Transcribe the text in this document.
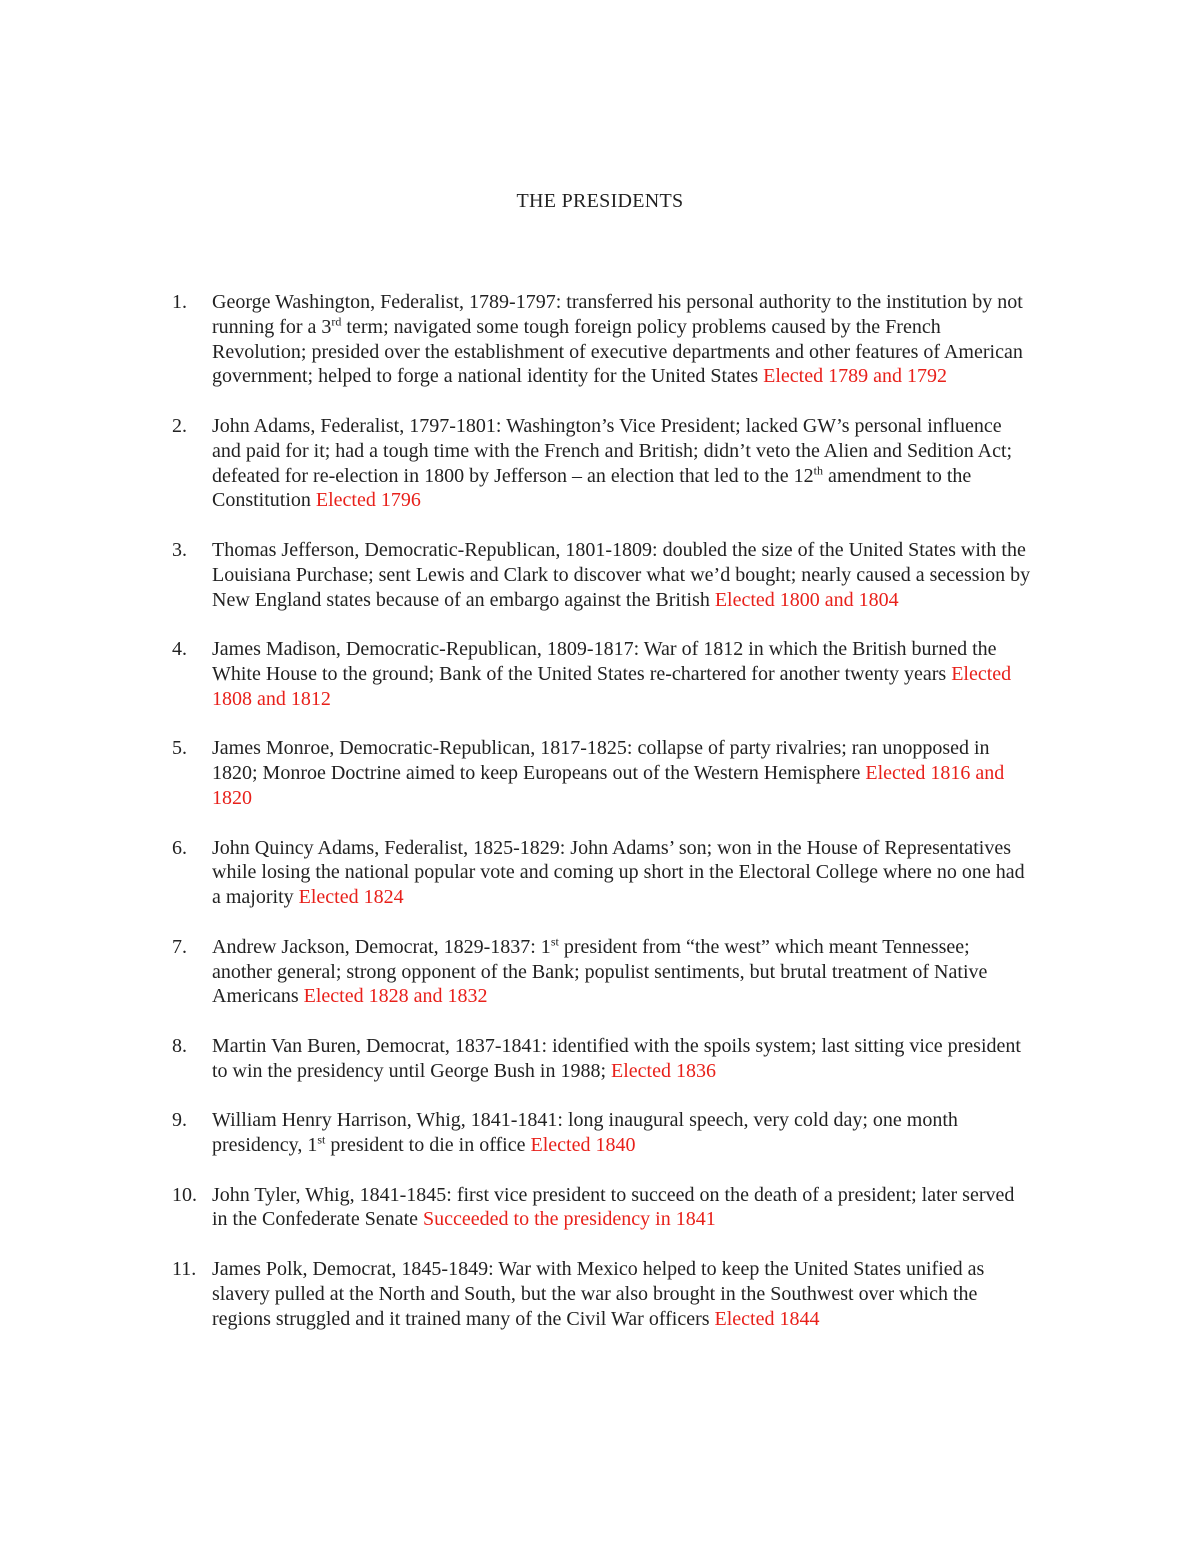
THE PRESIDENTS
1. George Washington, Federalist, 1789-1797: transferred his personal authority to the institution by not running for a 3rd term; navigated some tough foreign policy problems caused by the French Revolution; presided over the establishment of executive departments and other features of American government; helped to forge a national identity for the United States Elected 1789 and 1792
2. John Adams, Federalist, 1797-1801: Washington’s Vice President; lacked GW’s personal influence and paid for it; had a tough time with the French and British; didn’t veto the Alien and Sedition Act; defeated for re-election in 1800 by Jefferson – an election that led to the 12th amendment to the Constitution Elected 1796
3. Thomas Jefferson, Democratic-Republican, 1801-1809: doubled the size of the United States with the Louisiana Purchase; sent Lewis and Clark to discover what we’d bought; nearly caused a secession by New England states because of an embargo against the British Elected 1800 and 1804
4. James Madison, Democratic-Republican, 1809-1817: War of 1812 in which the British burned the White House to the ground; Bank of the United States re-chartered for another twenty years Elected 1808 and 1812
5. James Monroe, Democratic-Republican, 1817-1825: collapse of party rivalries; ran unopposed in 1820; Monroe Doctrine aimed to keep Europeans out of the Western Hemisphere Elected 1816 and 1820
6. John Quincy Adams, Federalist, 1825-1829: John Adams’ son; won in the House of Representatives while losing the national popular vote and coming up short in the Electoral College where no one had a majority Elected 1824
7. Andrew Jackson, Democrat, 1829-1837: 1st president from “the west” which meant Tennessee; another general; strong opponent of the Bank; populist sentiments, but brutal treatment of Native Americans Elected 1828 and 1832
8. Martin Van Buren, Democrat, 1837-1841: identified with the spoils system; last sitting vice president to win the presidency until George Bush in 1988; Elected 1836
9. William Henry Harrison, Whig, 1841-1841: long inaugural speech, very cold day; one month presidency, 1st president to die in office Elected 1840
10. John Tyler, Whig, 1841-1845: first vice president to succeed on the death of a president; later served in the Confederate Senate Succeeded to the presidency in 1841
11. James Polk, Democrat, 1845-1849: War with Mexico helped to keep the United States unified as slavery pulled at the North and South, but the war also brought in the Southwest over which the regions struggled and it trained many of the Civil War officers Elected 1844
